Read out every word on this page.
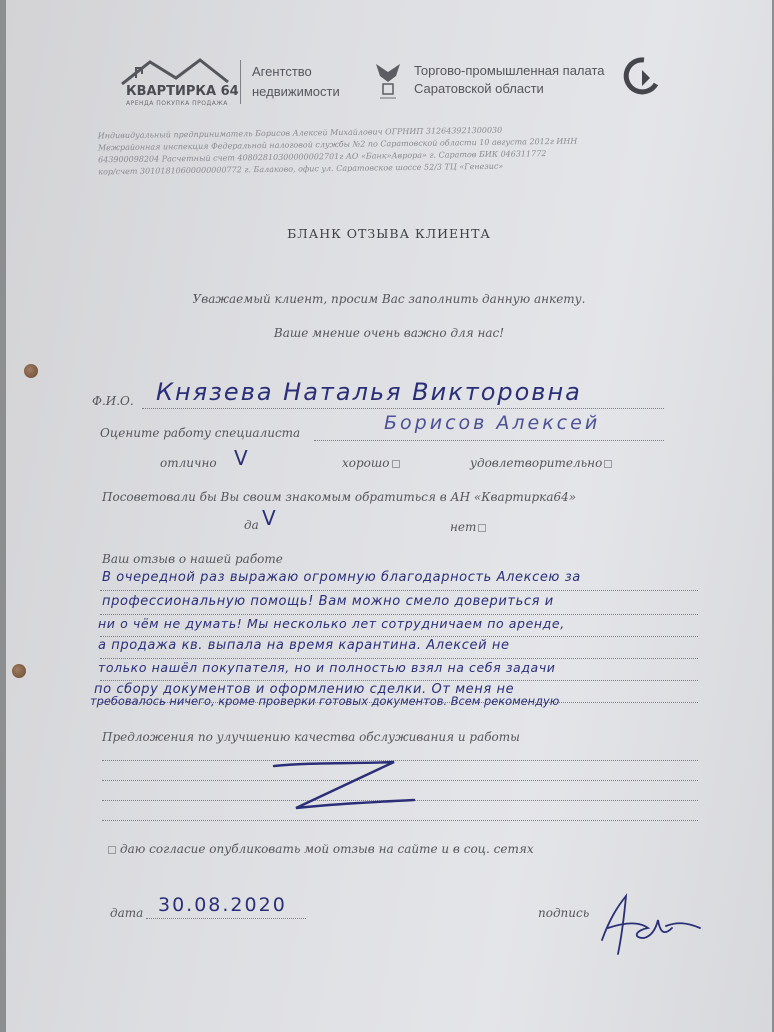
КВАРТИРКА 64
АРЕНДА ПОКУПКА ПРОДАЖА
Агентство
недвижимости
Торгово-промышленная палата
Саратовской области
Индивидуальный предприниматель Борисов Алексей Михайлович ОГРНИП 312643921300030
Межрайонная инспекция Федеральной налоговой службы №2 по Саратовской области 10 августа 2012г ИНН
643900098204 Расчетный счет 40802810300000002701г АО «Банк»Аврора» г. Саратов БИК 046311772
кор/счет 30101810600000000772 г. Балаково, офис ул. Саратовское шоссе 52/3 ТЦ «Генезис»
БЛАНК ОТЗЫВА КЛИЕНТА
Уважаемый клиент, просим Вас заполнить данную анкету.
Ваше мнение очень важно для нас!
Ф.И.О. Князева Наталья Викторовна
Оцените работу специалиста	Борисов Алексей
отлично V	хорошо	удовлетворительно
Посоветовали бы Вы своим знакомым обратиться в АН «Квартирка64»
да V	нет
Ваш отзыв о нашей работе
В очередной раз выражаю огромную благодарность Алексею за
профессиональную помощь! Вам можно смело довериться и
ни о чём не думать! Мы несколько лет сотрудничаем по аренде,
а продажа кв. выпала на время карантина. Алексей не
только нашёл покупателя, но и полностью взял на себя задачи
по сбору документов и оформлению сделки. От меня не
требовалось ничего, кроме проверки готовых документов. Всем рекомендую
Предложения по улучшению качества обслуживания и работы
даю согласие опубликовать мой отзыв на сайте и в соц. сетях
дата 30.08.2020	подпись
